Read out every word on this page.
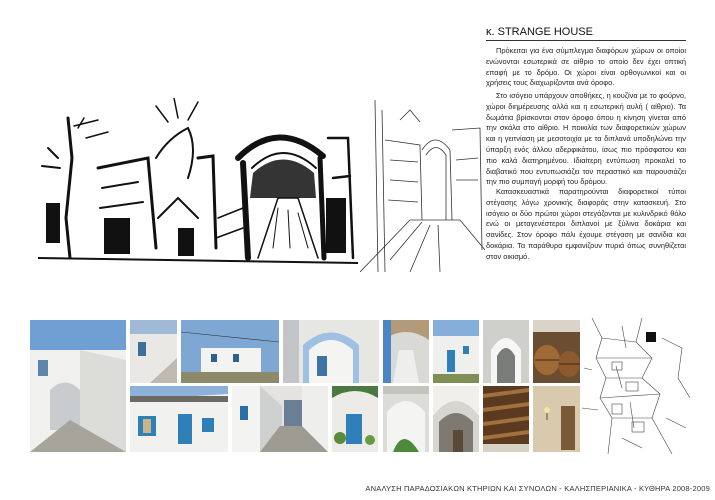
κ. STRANGE HOUSE

Πρόκειται για ένα σύμπλεγμα διαφόρων χώρων οι οποίοι ενώνονται εσωτερικά σε αίθριο το οποίο δεν έχει οπτική επαφή με το δρόμο. Οι χώροι είναι ορθογωνικοί και οι χρήσεις τους διαχωρίζονται ανά όροφο.

Στο ισόγειο υπάρχουν αποθήκες, η κουζίνα με το φούρνο, χώροι διημέρευσης αλλά και η εσωτερική αυλή ( αίθριο). Τα δωμάτια βρίσκονται στον όροφο όπου η κίνηση γίνεται από την σκάλα στο αίθριο. Η ποικιλία των διαφορετικών χώρων και η γειτνίαση με μεσοτοιχία με τα διπλανά υποδηλώνει την ύπαρξη ενός άλλου αδερφικάτου, ίσως πιο πρόσφατου και πιο καλά διατηρημένου. Ιδιαίτερη εντύπωση προκαλεί το διαβατικό που εντυπωσιάζει τον περαστικό και παρουσιάζει την πιο συμπαγή μορφή του δρόμου.

Κατασκευαστικά παρατηρούνται διαφορετικοί τύποι στέγασης λόγω χρονικής διαφοράς στην κατασκευή. Στο ισόγειο οι δύο πρώτοι χώροι στεγάζονται με κυλινδρικό θόλο ενώ οι μεταγενέστεροι διπλανοί με ξύλινα δοκάρια και σανίδες. Στον όροφο πάλι έχουμε στέγαση με σανίδια και δοκάρια. Τα παράθυρα εμφανίζουν πυριά όπως συνηθίζεται στον οικισμό.

ΑΝΑΛΥΣΗ ΠΑΡΑΔΟΣΙΑΚΩΝ ΚΤΗΡΙΩΝ ΚΑΙ ΣΥΝΟΛΩΝ - ΚΑΛΗΣΠΕΡΙΑΝΙΚΑ - ΚΥΘΗΡΑ 2008-2009
